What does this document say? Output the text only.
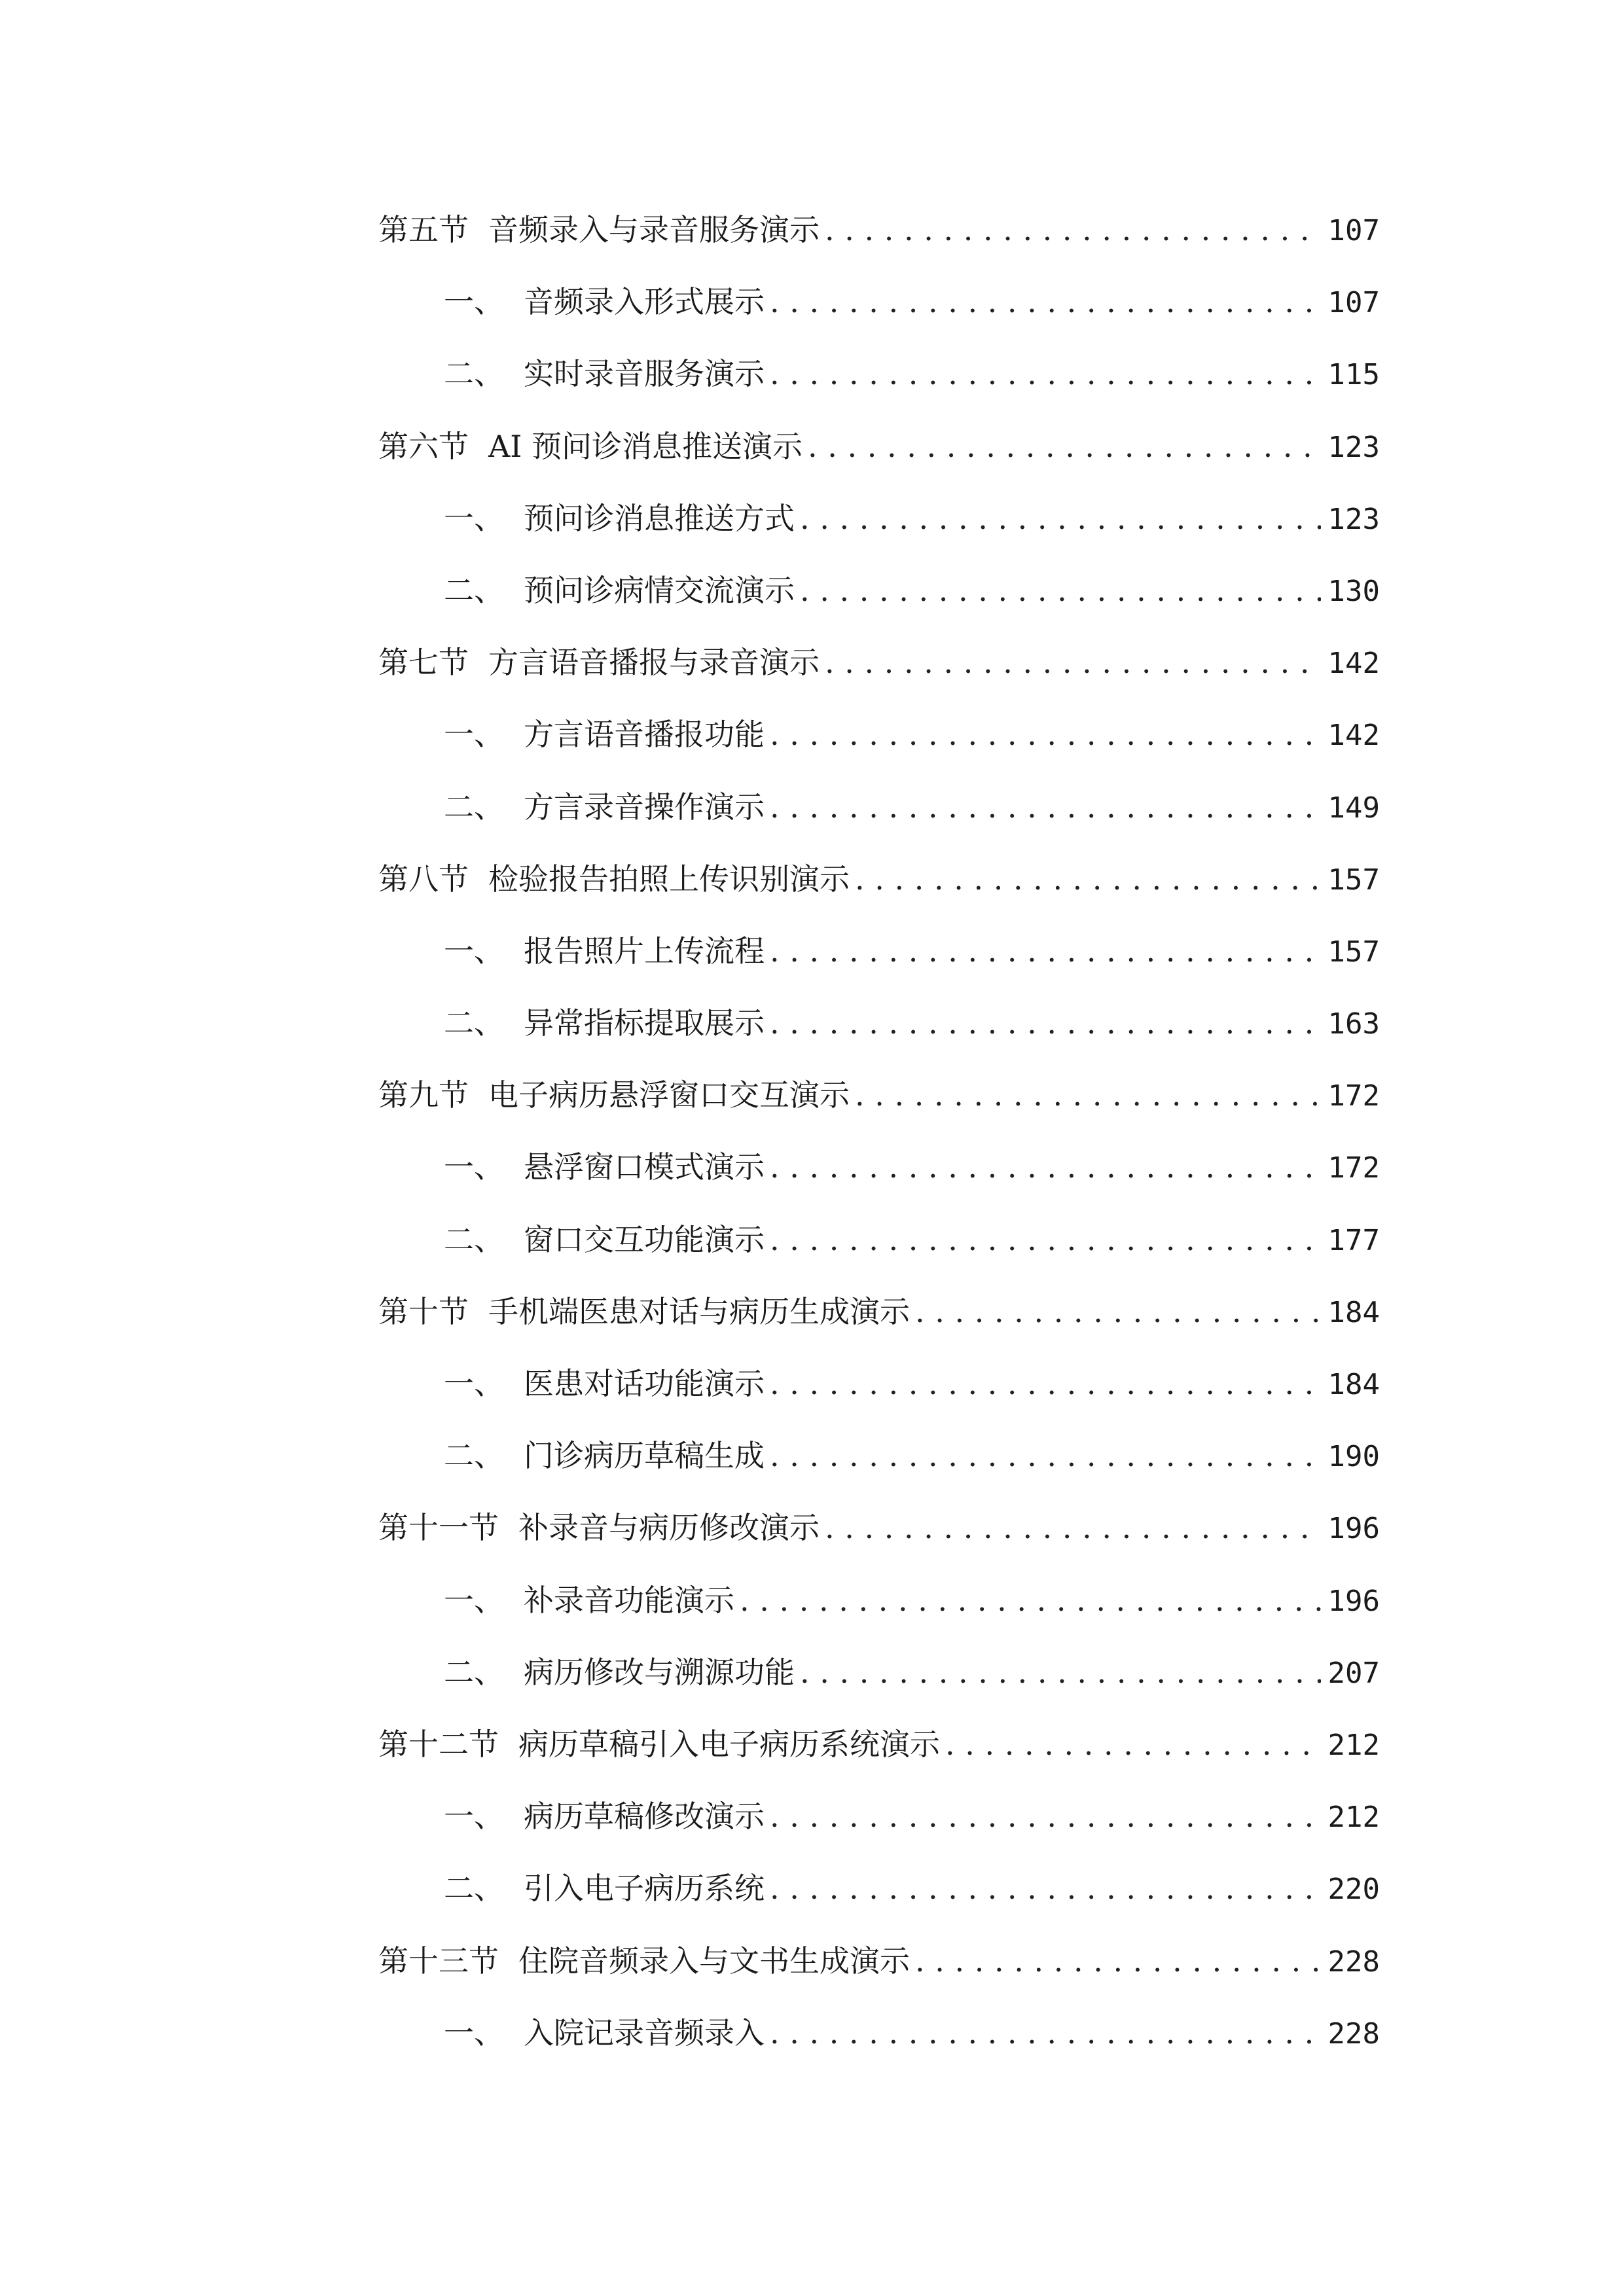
第五节 音频录入与录音服务演示 . . .	107
一、 音频录入形式展示 . . .	107
二、 实时录音服务演示 . . .	115
第六节 AI 预问诊消息推送演示 . . .	123
一、 预问诊消息推送方式 . . .	123
二、 预问诊病情交流演示 . . .	130
第七节 方言语音播报与录音演示 . . .	142
一、 方言语音播报功能 . . .	142
二、 方言录音操作演示 . . .	149
第八节 检验报告拍照上传识别演示 . . .	157
一、 报告照片上传流程 . . .	157
二、 异常指标提取展示 . . .	163
第九节 电子病历悬浮窗口交互演示 . . .	172
一、 悬浮窗口模式演示 . . .	172
二、 窗口交互功能演示 . . .	177
第十节 手机端医患对话与病历生成演示 . . .	184
一、 医患对话功能演示 . . .	184
二、 门诊病历草稿生成 . . .	190
第十一节 补录音与病历修改演示 . . .	196
一、 补录音功能演示 . . .	196
二、 病历修改与溯源功能 . . .	207
第十二节 病历草稿引入电子病历系统演示 . . .	212
一、 病历草稿修改演示 . . .	212
二、 引入电子病历系统 . . .	220
第十三节 住院音频录入与文书生成演示 . . .	228
一、 入院记录音频录入 . . .	228
